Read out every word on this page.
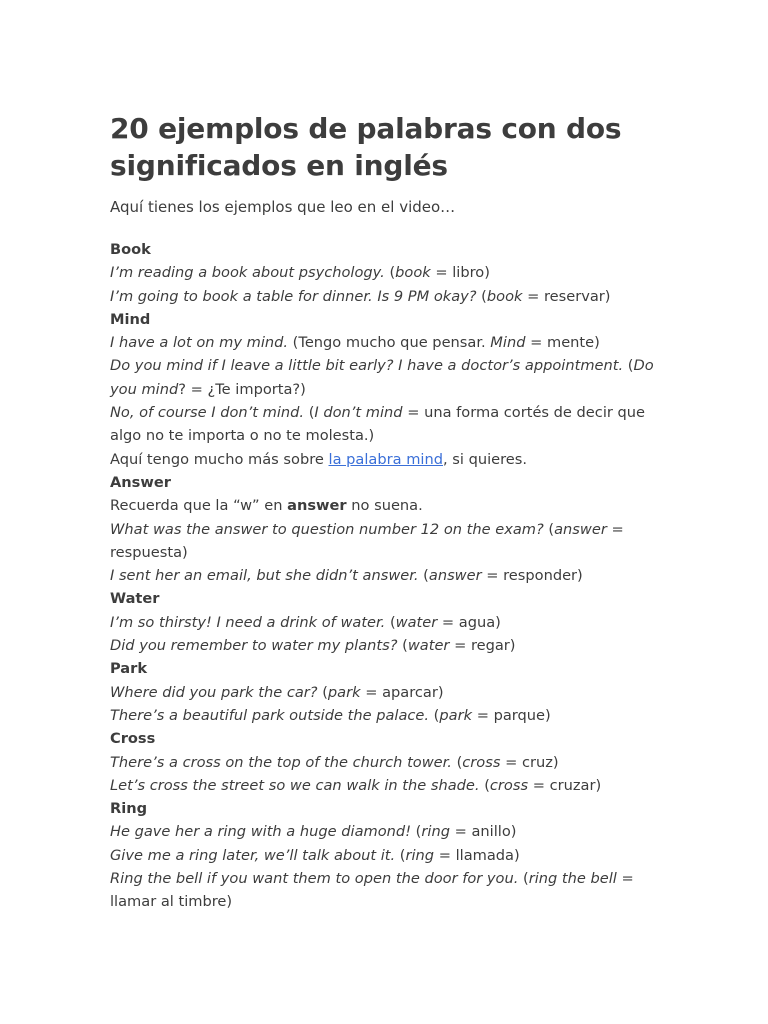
20 ejemplos de palabras con dos significados en inglés

Aquí tienes los ejemplos que leo en el video…

Book
I’m reading a book about psychology. (book = libro)
I’m going to book a table for dinner. Is 9 PM okay? (book = reservar)
Mind
I have a lot on my mind. (Tengo mucho que pensar. Mind = mente)
Do you mind if I leave a little bit early? I have a doctor’s appointment. (Do you mind? = ¿Te importa?)
No, of course I don’t mind. (I don’t mind = una forma cortés de decir que algo no te importa o no te molesta.)
Aquí tengo mucho más sobre la palabra mind, si quieres.
Answer
Recuerda que la “w” en answer no suena.
What was the answer to question number 12 on the exam? (answer = respuesta)
I sent her an email, but she didn’t answer. (answer = responder)
Water
I’m so thirsty! I need a drink of water. (water = agua)
Did you remember to water my plants? (water = regar)
Park
Where did you park the car? (park = aparcar)
There’s a beautiful park outside the palace. (park = parque)
Cross
There’s a cross on the top of the church tower. (cross = cruz)
Let’s cross the street so we can walk in the shade. (cross = cruzar)
Ring
He gave her a ring with a huge diamond! (ring = anillo)
Give me a ring later, we’ll talk about it. (ring = llamada)
Ring the bell if you want them to open the door for you. (ring the bell = llamar al timbre)
